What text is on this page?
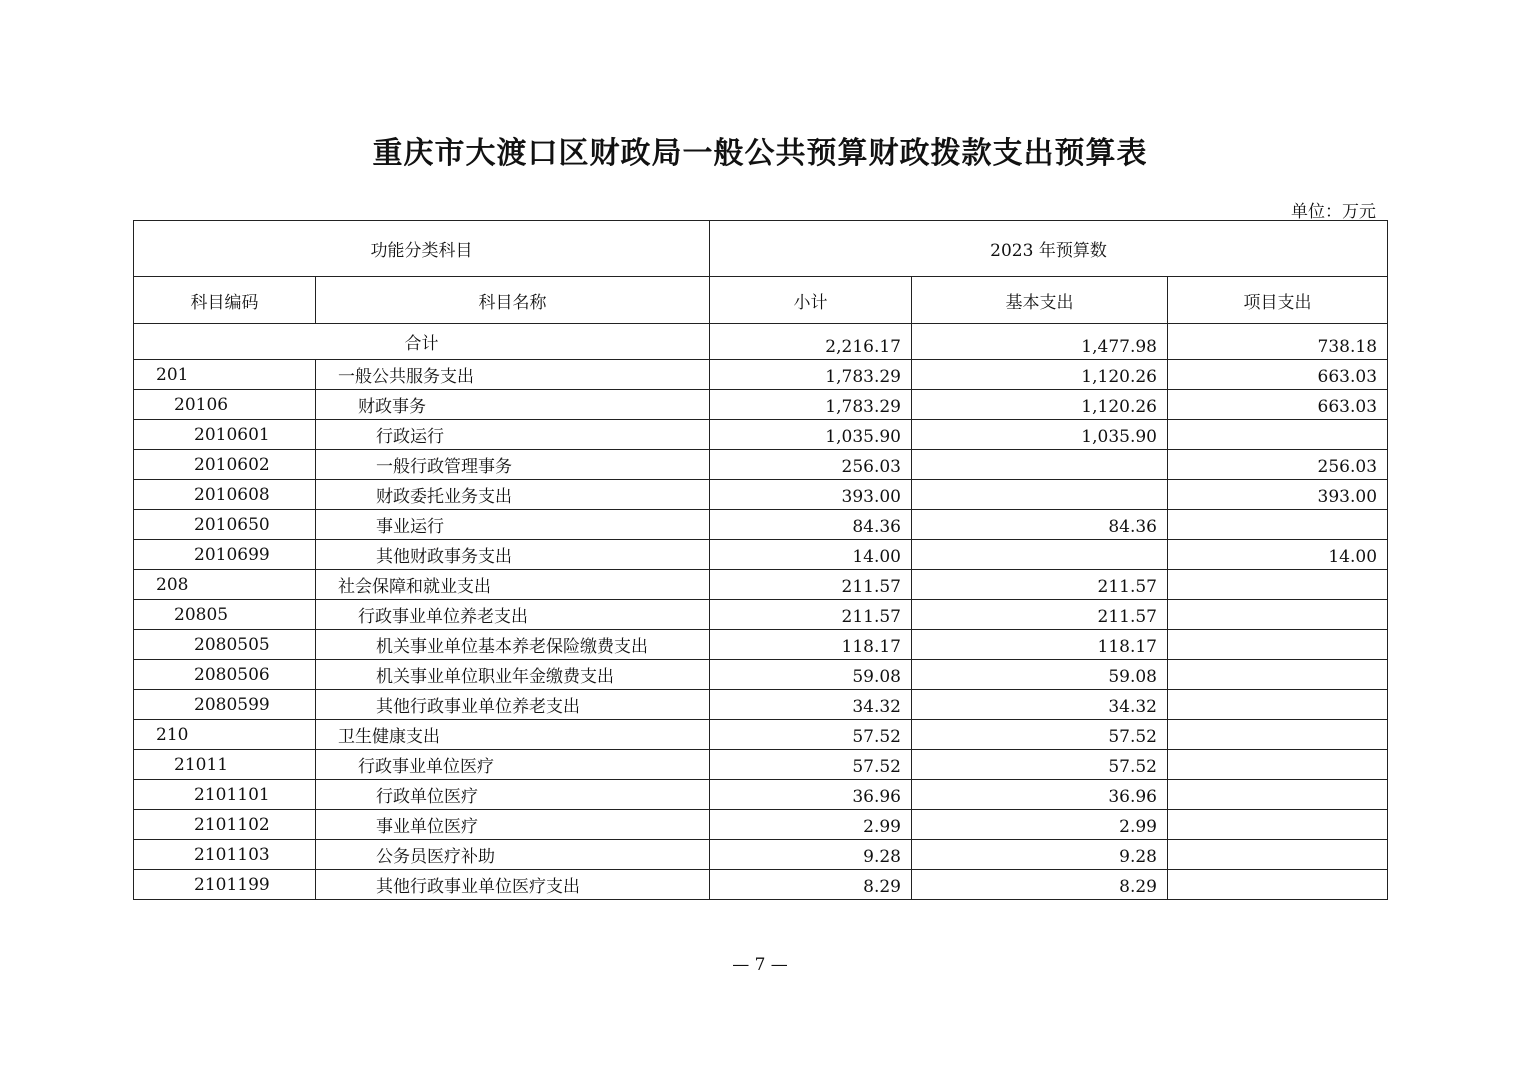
重庆市大渡口区财政局一般公共预算财政拨款支出预算表
单位：万元
功能分类科目		2023 年预算数		
科目编码	科目名称	小计	基本支出	项目支出
合计		2,216.17	1,477.98	738.18
201	一般公共服务支出	1,783.29	1,120.26	663.03
20106	财政事务	1,783.29	1,120.26	663.03
2010601	行政运行	1,035.90	1,035.90	
2010602	一般行政管理事务	256.03		256.03
2010608	财政委托业务支出	393.00		393.00
2010650	事业运行	84.36	84.36	
2010699	其他财政事务支出	14.00		14.00
208	社会保障和就业支出	211.57	211.57	
20805	行政事业单位养老支出	211.57	211.57	
2080505	机关事业单位基本养老保险缴费支出	118.17	118.17	
2080506	机关事业单位职业年金缴费支出	59.08	59.08	
2080599	其他行政事业单位养老支出	34.32	34.32	
210	卫生健康支出	57.52	57.52	
21011	行政事业单位医疗	57.52	57.52	
2101101	行政单位医疗	36.96	36.96	
2101102	事业单位医疗	2.99	2.99	
2101103	公务员医疗补助	9.28	9.28	
2101199	其他行政事业单位医疗支出	8.29	8.29	
— 7 —
